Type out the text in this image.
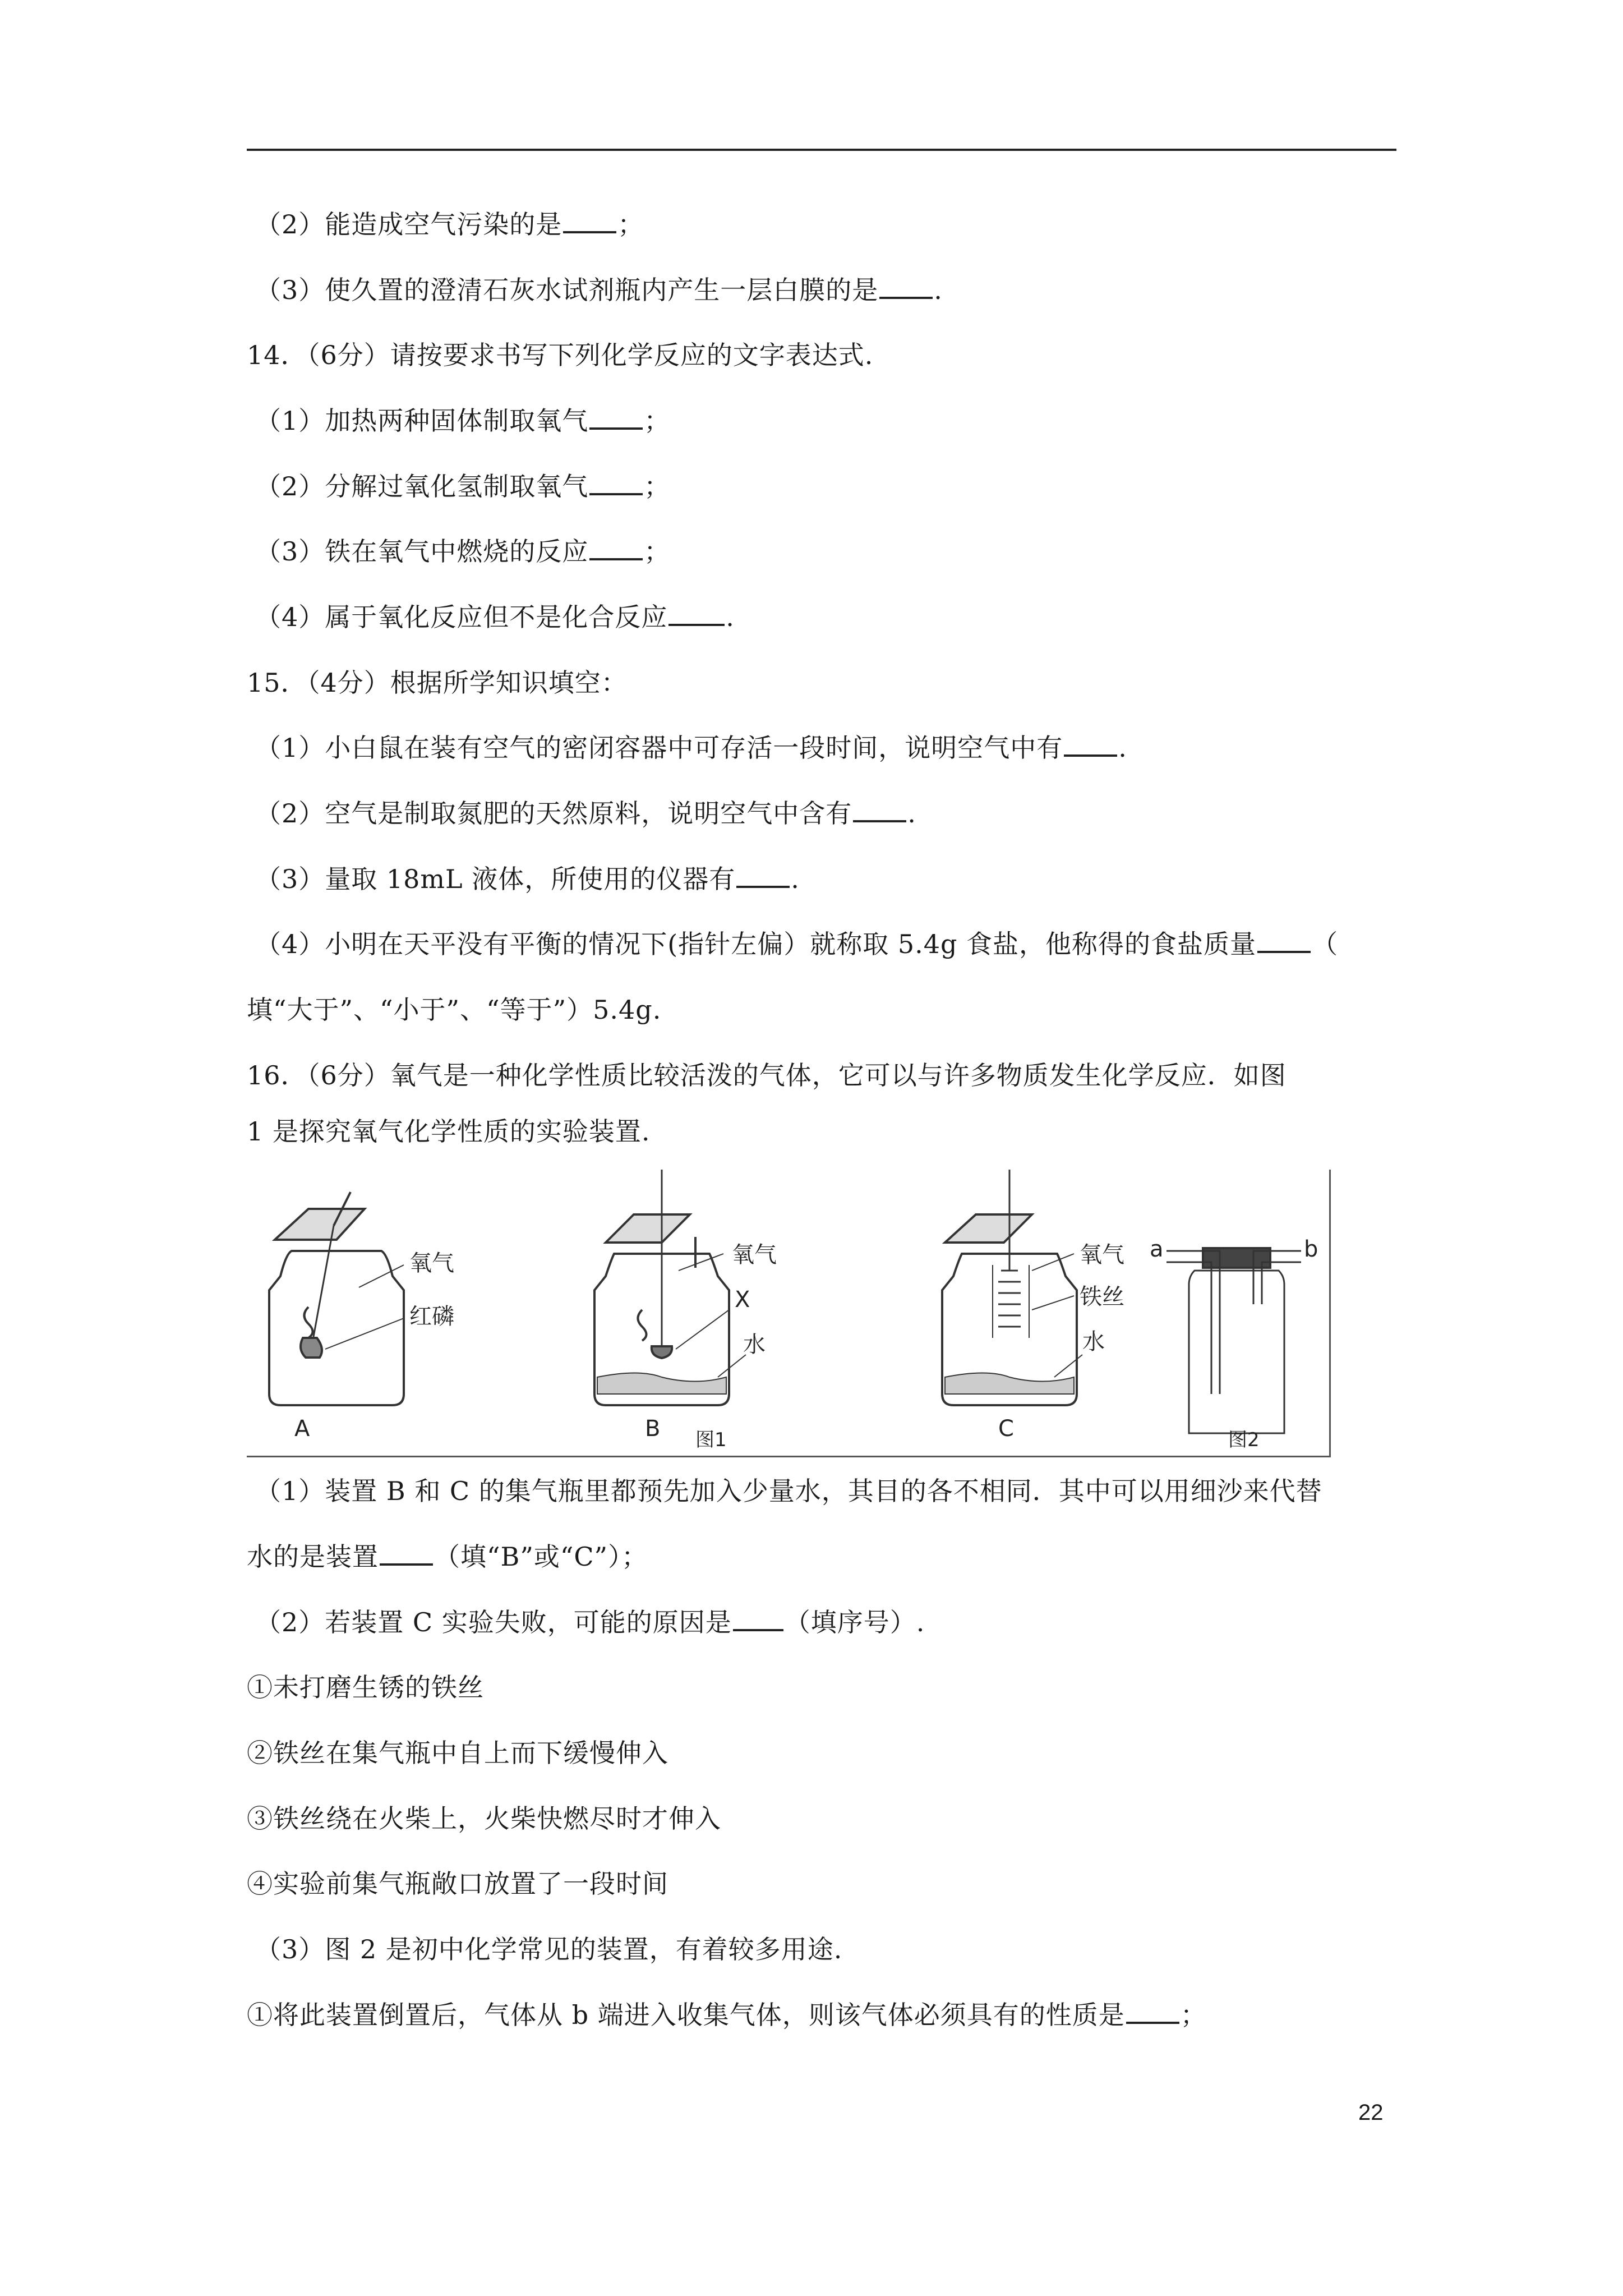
（2）能造成空气污染的是 ；
（3）使久置的澄清石灰水试剂瓶内产生一层白膜的是 .
14．（6分）请按要求书写下列化学反应的文字表达式.
（1）加热两种固体制取氧气 ；
（2）分解过氧化氢制取氧气 ；
（3）铁在氧气中燃烧的反应 ；
（4）属于氧化反应但不是化合反应 .
15．（4分）根据所学知识填空：
（1）小白鼠在装有空气的密闭容器中可存活一段时间，说明空气中有 .
（2）空气是制取氮肥的天然原料，说明空气中含有 .
（3）量取 18mL 液体，所使用的仪器有 .
（4）小明在天平没有平衡的情况下(指针左偏）就称取 5.4g 食盐，他称得的食盐质量 （
填“大于”、“小于”、“等于”）5.4g.
16．（6分）氧气是一种化学性质比较活泼的气体，它可以与许多物质发生化学反应．如图
1 是探究氧气化学性质的实验装置.
氧气
红磷
A
氧气
X
水
B
氧气
铁丝
水
C
图1
a	b
图2
（1）装置 B 和 C 的集气瓶里都预先加入少量水，其目的各不相同．其中可以用细沙来代替
水的是装置 （填“B”或“C”）；
（2）若装置 C 实验失败，可能的原因是 （填序号）.
①未打磨生锈的铁丝
②铁丝在集气瓶中自上而下缓慢伸入
③铁丝绕在火柴上，火柴快燃尽时才伸入
④实验前集气瓶敞口放置了一段时间
（3）图 2 是初中化学常见的装置，有着较多用途.
①将此装置倒置后，气体从 b 端进入收集气体，则该气体必须具有的性质是 ；
22
